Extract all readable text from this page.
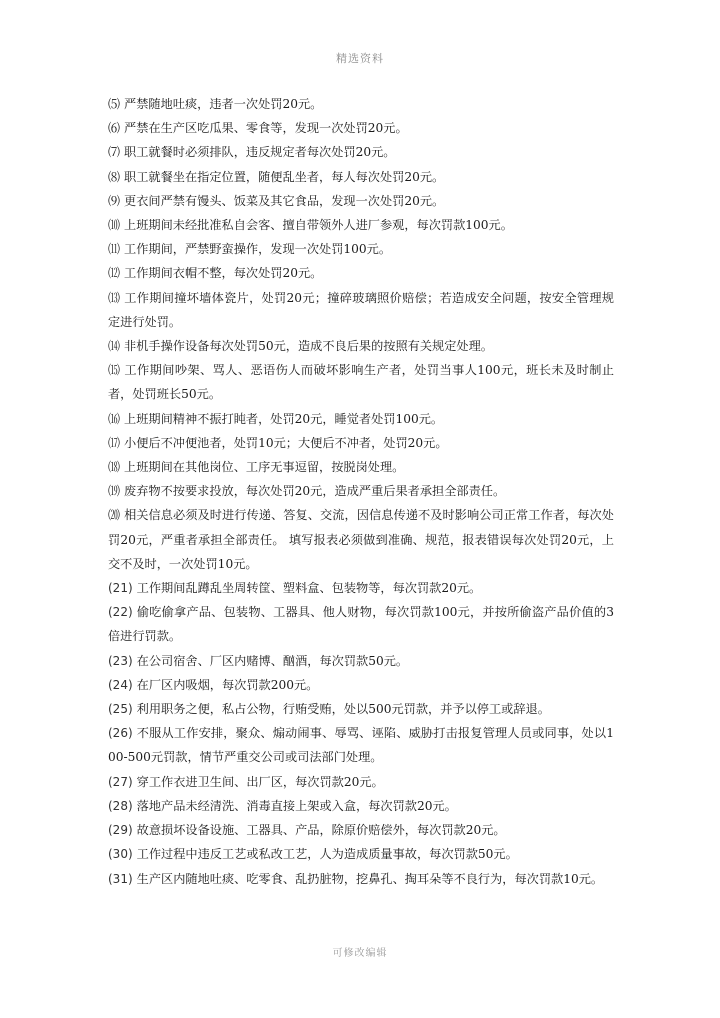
精选资料

⑸ 严禁随地吐痰，违者一次处罚20元。

⑹ 严禁在生产区吃瓜果、零食等，发现一次处罚20元。

⑺ 职工就餐时必须排队，违反规定者每次处罚20元。

⑻ 职工就餐坐在指定位置，随便乱坐者，每人每次处罚20元。

⑼ 更衣间严禁有馒头、饭菜及其它食品，发现一次处罚20元。

⑽ 上班期间未经批准私自会客、擅自带领外人进厂参观，每次罚款100元。

⑾ 工作期间，严禁野蛮操作，发现一次处罚100元。

⑿ 工作期间衣帽不整，每次处罚20元。

⒀ 工作期间撞坏墙体瓷片，处罚20元；撞碎玻璃照价赔偿；若造成安全问题，按安全管理规定进行处罚。

⒁ 非机手操作设备每次处罚50元，造成不良后果的按照有关规定处理。

⒂ 工作期间吵架、骂人、恶语伤人而破坏影响生产者，处罚当事人100元，班长未及时制止者，处罚班长50元。

⒃ 上班期间精神不振打盹者，处罚20元，睡觉者处罚100元。

⒄ 小便后不冲便池者，处罚10元；大便后不冲者，处罚20元。

⒅ 上班期间在其他岗位、工序无事逗留，按脱岗处理。

⒆ 废弃物不按要求投放，每次处罚20元，造成严重后果者承担全部责任。

⒇ 相关信息必须及时进行传递、答复、交流，因信息传递不及时影响公司正常工作者，每次处罚20元，严重者承担全部责任。 填写报表必须做到准确、规范，报表错误每次处罚20元，上交不及时，一次处罚10元。

(21) 工作期间乱蹲乱坐周转筐、塑料盒、包装物等，每次罚款20元。

(22) 偷吃偷拿产品、包装物、工器具、他人财物，每次罚款100元，并按所偷盗产品价值的3倍进行罚款。

(23) 在公司宿舍、厂区内赌博、酗酒，每次罚款50元。

(24) 在厂区内吸烟，每次罚款200元。

(25) 利用职务之便，私占公物，行贿受贿，处以500元罚款，并予以停工或辞退。

(26) 不服从工作安排，聚众、煽动闹事、辱骂、诬陷、威胁打击报复管理人员或同事，处以100-500元罚款，情节严重交公司或司法部门处理。

(27) 穿工作衣进卫生间、出厂区，每次罚款20元。

(28) 落地产品未经清洗、消毒直接上架或入盒，每次罚款20元。

(29) 故意损坏设备设施、工器具、产品，除原价赔偿外，每次罚款20元。

(30) 工作过程中违反工艺或私改工艺，人为造成质量事故，每次罚款50元。

(31) 生产区内随地吐痰、吃零食、乱扔脏物，挖鼻孔、掏耳朵等不良行为，每次罚款10元。

可修改编辑
